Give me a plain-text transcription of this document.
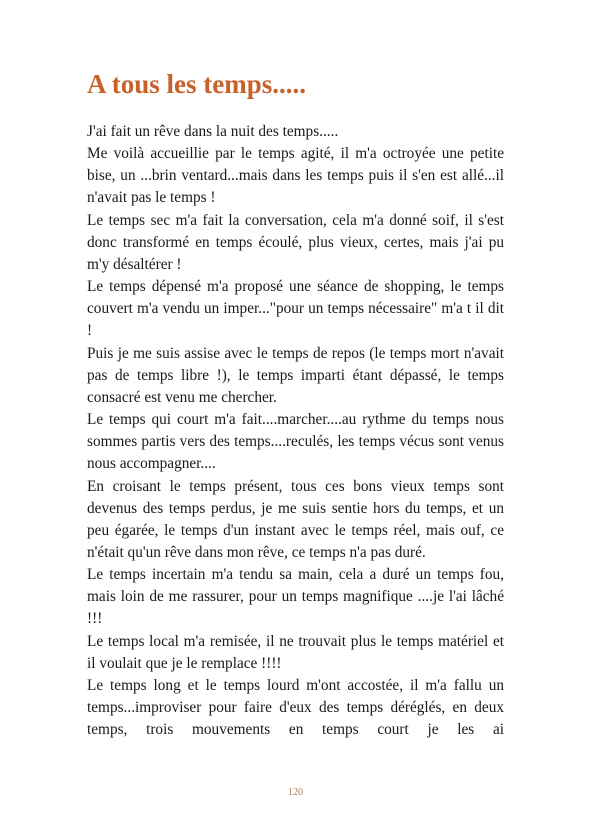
A tous les temps.....

J'ai fait un rêve dans la nuit des temps.....

Me voilà accueillie par le temps agité, il m'a octroyée une petite bise, un ...brin ventard...mais dans les temps puis il s'en est allé...il n'avait pas le temps !

Le temps sec m'a fait la conversation, cela m'a donné soif, il s'est donc transformé en temps écoulé, plus vieux, certes, mais j'ai pu m'y désaltérer !

Le temps dépensé m'a proposé une séance de shopping, le temps couvert m'a vendu un imper..."pour un temps nécessaire" m'a t il dit !

Puis je me suis assise avec le temps de repos (le temps mort n'avait pas de temps libre !), le temps imparti étant dépassé, le temps consacré est venu me chercher.

Le temps qui court m'a fait....marcher....au rythme du temps nous sommes partis vers des temps....reculés, les temps vécus sont venus nous accompagner....

En croisant le temps présent, tous ces bons vieux temps sont devenus des temps perdus, je me suis sentie hors du temps, et un peu égarée, le temps d'un instant avec le temps réel, mais ouf, ce n'était qu'un rêve dans mon rêve, ce temps n'a pas duré.

Le temps incertain m'a tendu sa main, cela a duré un temps fou, mais loin de me rassurer, pour un temps magnifique ....je l'ai lâché !!!

Le temps local m'a remisée, il ne trouvait plus le temps matériel et il voulait que je le remplace !!!!

Le temps long et le temps lourd m'ont accostée, il m'a fallu un temps...improviser pour faire d'eux des temps déréglés, en deux temps, trois mouvements en temps court je les ai

120
